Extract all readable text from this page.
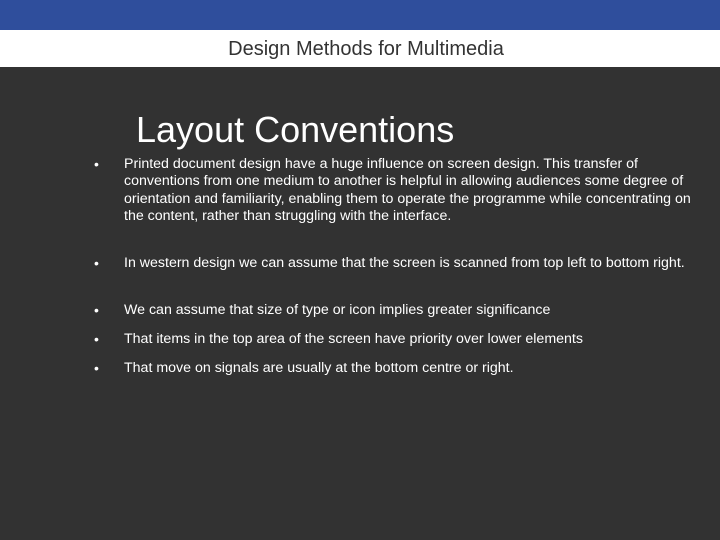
Design Methods for Multimedia
Layout Conventions
• Printed document design have a huge influence on screen design. This transfer of conventions from one medium to another is helpful in allowing audiences some degree of orientation and familiarity, enabling them to operate the programme while concentrating on the content, rather than struggling with the interface.
• In western design we can assume that the screen is scanned from top left to bottom right.
• We can assume that size of type or icon implies greater significance
• That items in the top area of the screen have priority over lower elements
• That move on signals are usually at the bottom centre or right.
